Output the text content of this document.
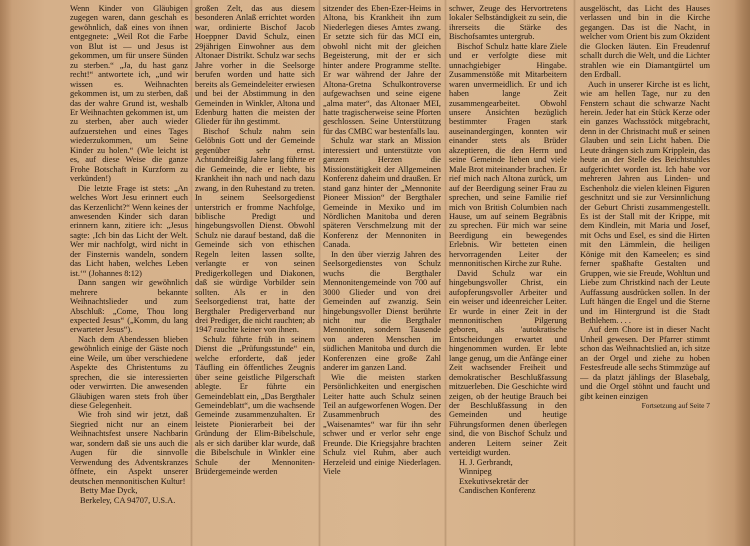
Wenn Kinder von Gläubigen zugegen waren, dann geschah es gewöhnlich, daß eines von ihnen entgegnete: „Weil Rot die Farbe von Blut ist — und Jesus ist gekommen, um für unsere Sünden zu sterben.“ „Ja, du hast ganz recht!“ antwortete ich, „und wir wissen es. Weihnachten gekommen ist, um zu sterben, daß das der wahre Grund ist, weshalb Er Weihnachten gekommen ist, um zu sterben, aber auch wieder aufzuerstehen und eines Tages wiederzukommen, um Seine Kinder zu holen.“ (Wie leicht ist es, auf diese Weise die ganze Frohe Botschaft in Kurzform zu verkünden!)

Die letzte Frage ist stets: „An welches Wort Jesu erinnert euch das Kerzenlicht?“ Wenn keines der anwesenden Kinder sich daran erinnern kann, zitiere ich: „Jesus sagte: ‚Ich bin das Licht der Welt. Wer mir nachfolgt, wird nicht in der Finsternis wandeln, sondern das Licht haben, welches Leben ist.‘“ (Johannes 8:12)

Dann sangen wir gewöhnlich mehrere bekannte Weihnachtslieder und zum Abschluß: „Come, Thou long expected Jesus“ („Komm, du lang erwarteter Jesus“).

Nach dem Abendessen blieben gewöhnlich einige der Gäste noch eine Weile, um über verschiedene Aspekte des Christentums zu sprechen, die sie interessierten oder verwirrten. Die anwesenden Gläubigen waren stets froh über diese Gelegenheit.

Wie froh sind wir jetzt, daß Siegried nicht nur an einem Weihnachtsfest unsere Nachbarin war, sondern daß sie uns auch die Augen für die sinnvolle Verwendung des Adventskranzes öffnete, ein Aspekt unserer deutschen mennonitischen Kultur!

Betty Mae Dyck,

Berkeley, CA 94707, U.S.A.

großen Zelt, das aus diesem besonderen Anlaß errichtet worden war, ordinierte Bischof Jacob Hoeppner David Schulz, einen 29jährigen Einwohner aus dem Altonaer Distrikt. Schulz war sechs Jahre vorher in die Seelsorge berufen worden und hatte sich bereits als Gemeindeleiter erwiesen und bei der Abstimmung in den Gemeinden in Winkler, Altona und Edenburg hatten die meisten der Glieder für ihn gestimmt.

Bischof Schulz nahm sein Gelöbnis Gott und der Gemeinde gegenüber sehr ernst. Achtunddreißig Jahre lang führte er die Gemeinde, die er liebte, bis Krankheit ihn nach und nach dazu zwang, in den Ruhestand zu treten. In seinem Seelsorgedienst unterstrich er fromme Nachfolge, biblische Predigt und hingebungsvollen Dienst. Obwohl Schulz nie darauf bestand, daß die Gemeinde sich von ethischen Regeln leiten lassen sollte, verlangte er von seinen Predigerkollegen und Diakonen, daß sie würdige Vorbilder sein sollten. Als er in den Seelsorgedienst trat, hatte der Bergthaler Predigerverband nur drei Prediger, die nicht rauchten; ab 1947 rauchte keiner von ihnen.

Schulz führte früh in seinem Dienst die „Prüfungsstunde“ ein, welche erforderte, daß jeder Täufling ein öffentliches Zeugnis über seine geistliche Pilgerschaft ablegte. Er führte ein Gemeindeblatt ein, „Das Bergthaler Gemeindeblatt“, um die wachsende Gemeinde zusammenzuhalten. Er leistete Pionierarbeit bei der Gründung der Elim-Bibelschule, als er sich darüber klar wurde, daß die Bibelschule in Winkler eine Schule der Mennoniten-Brüdergemeinde werden

sitzender des Eben-Ezer-Heims in Altona, bis Krankheit ihn zum Niederlegen dieses Amtes zwang. Er setzte sich für das MCI ein, obwohl nicht mit der gleichen Begeisterung, mit der er sich hinter andere Programme stellte. Er war während der Jahre der Altona-Gretna Schulkontroverse aufgewachsen und seine eigene „alma mater“, das Altonaer MEI, hatte tragischerweise seine Pforten geschlossen. Seine Unterstützung für das CMBC war bestenfalls lau.

Schulz war stark an Mission interessiert und unterstützte von ganzem Herzen die Missionstätigkeit der Allgemeinen Konferenz daheim und draußen. Er stand ganz hinter der „Mennonite Pioneer Mission“ der Bergthaler Gemeinde in Mexiko und im Nördlichen Manitoba und deren späteren Verschmelzung mit der Konferenz der Mennoniten in Canada.

In den über vierzig Jahren des Seelsorgedienstes von Schulz wuchs die Bergthaler Mennonitengemeinde von 700 auf 3000 Glieder und von drei Gemeinden auf zwanzig. Sein hingebungsvoller Dienst berührte nicht nur die Bergthaler Mennoniten, sondern Tausende von anderen Menschen im südlichen Manitoba und durch die Konferenzen eine große Zahl anderer im ganzen Land.

Wie die meisten starken Persönlichkeiten und energischen Leiter hatte auch Schulz seinen Teil an aufgeworfenen Wogen. Der Zusammenbruch des „Waisenamtes“ war für ihn sehr schwer und er verlor sehr enge Freunde. Die Kriegsjahre brachten Schulz viel Ruhm, aber auch Herzeleid und einige Niederlagen. Viele

schwer, Zeuge des Hervortretens lokaler Selbständigkeit zu sein, die ihrerseits die Stärke des Bischofsamtes untergrub.

Bischof Schulz hatte klare Ziele und er verfolgte diese mit unnachgiebiger Hingabe. Zusammenstöße mit Mitarbeitern waren unvermeidlich. Er und ich haben lange Zeit zusammengearbeitet. Obwohl unsere Ansichten bezüglich bestimmter Fragen stark auseinandergingen, konnten wir einander stets als Brüder akzeptieren, die den Herrn und seine Gemeinde lieben und viele Male Brot miteinander brachen. Er rief mich nach Altona zurück, um auf der Beerdigung seiner Frau zu sprechen, und seine Familie rief mich von British Columbien nach Hause, um auf seinem Begräbnis zu sprechen. Für mich war seine Beerdigung ein bewegendes Erlebnis. Wir betteten einen hervorragenden Leiter der mennonitischen Kirche zur Ruhe.

David Schulz war ein hingebungsvoller Christ, ein aufopferungsvoller Arbeiter und ein weiser und ideenreicher Leiter. Er wurde in einer Zeit in der mennonitischen Pilgerung geboren, als 'autokratische Entscheidungen erwartet und hingenommen wurden. Er lebte lange genug, um die Anfänge einer Zeit wachsender Freiheit und demokratischer Beschlußfassung mitzuerleben. Die Geschichte wird zeigen, ob der heutige Brauch bei der Beschlußfassung in den Gemeinden und heutige Führungsformen denen überlegen sind, die von Bischof Schulz und anderen Leitern seiner Zeit verteidigt wurden.

H. J. Gerbrandt,

Winnipeg

Exekutivsekretär der

Candischen Konferenz

ausgelöscht, das Licht des Hauses verlassen und bin in die Kirche gegangen. Das ist die Nacht, in welcher vom Orient bis zum Okzident die Glocken läuten. Ein Freudenruf schallt durch die Welt, und die Lichter strahlen wie ein Diamantgürtel um den Erdball.

Auch in unserer Kirche ist es licht, wie am hellen Tage, nur zu den Fenstern schaut die schwarze Nacht herein. Jeder hat ein Stück Kerze oder ein ganzes Wachsstöck mitgebracht, denn in der Christnacht muß er seinen Glauben und sein Licht haben. Die Leute drängen sich zum Kripplein, das heute an der Stelle des Beichtstuhles aufgerichtet worden ist. Ich habe vor mehreren Jahren aus Linden- und Eschenholz die vielen kleinen Figuren geschnitzt und sie zur Versinnlichung der Geburt Christi zusammengestellt. Es ist der Stall mit der Krippe, mit dem Kindlein, mit Maria und Josef, mit Ochs und Esel, es sind die Hirten mit den Lämmlein, die heiligen Könige mit den Kameelen; es sind ferner spaßhafte Gestalten und Gruppen, wie sie Freude, Wohltun und Liebe zum Christkind nach der Leute Auffassung ausdrücken sollen. In der Luft hängen die Engel und die Sterne und im Hintergrund ist die Stadt Bethlehem. . . .

Auf dem Chore ist in dieser Nacht Unheil gewesen. Der Pfarrer stimmt schon das Weihnachtslied an, ich sitze an der Orgel und ziehe zu hoben Festesfreude alle sechs Stimmzüge auf — da platzt jählings der Blasebalg, und die Orgel stöhnt und faucht und gibt keinen einzigen

Fortsetzung auf Seite 7
